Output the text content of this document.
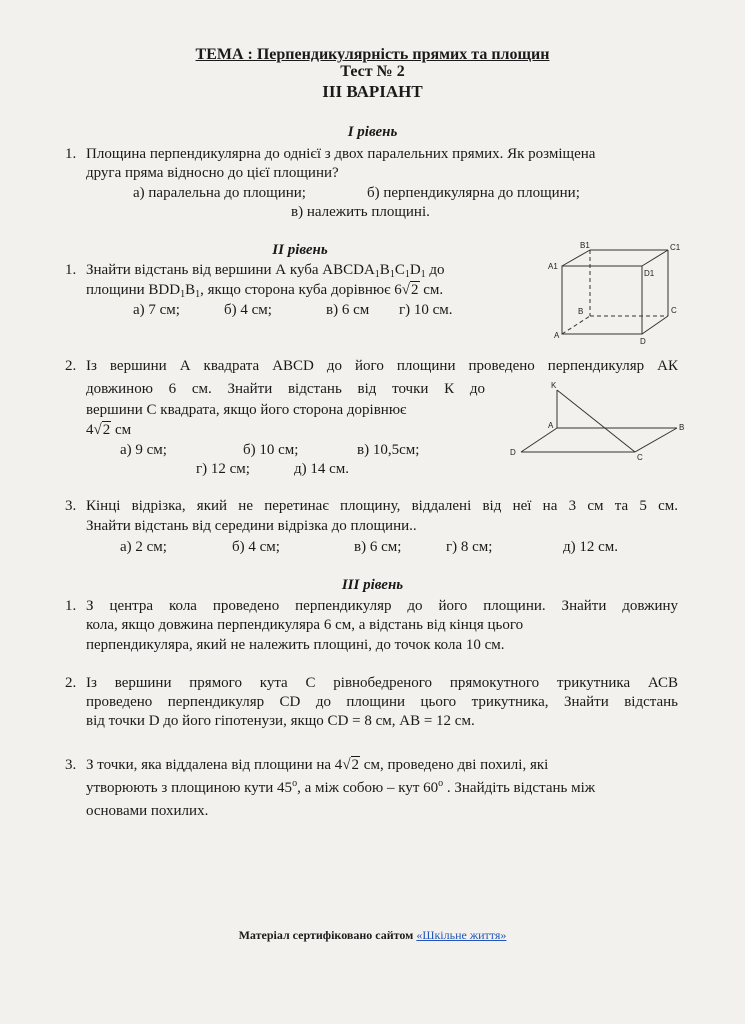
ТЕМА : Перпендикулярність прямих та площин
Тест № 2
ІІІ ВАРІАНТ
І рівень
1. Площина перпендикулярна до однієї з двох паралельних прямих. Як розміщена
друга пряма відносно до цієї площини?
а) паралельна до площини;	б) перпендикулярна до площини;
в) належить площині.
ІІ рівень
1. Знайти відстань від вершини А куба $ABCDA_1B_1C_1D_1$ до
площини $BDD_1B_1$, якщо сторона куба дорівнює 6√2 см.
а) 7 см;	б) 4 см;	в) 6 см г) 10 см.
B1	C1
A1
D1
B	C
A
D
2. Із вершини А квадрата ABCD до його площини проведено перпендикуляр АК
довжиною 6 см. Знайти відстань від точки К до
вершини С квадрата, якщо його сторона дорівнює
4√2 см
а) 9 см;	б) 10 см;	в) 10,5см;
г) 12 см;	д) 14 см.
K
A	B
D
C
3. Кінці відрізка, який не перетинає площину, віддалені від неї на 3 см та 5 см.
Знайти відстань від середини відрізка до площини..
а) 2 см;	б) 4 см;	в) 6 см;	г) 8 см;	д) 12 см.
ІІІ рівень
1. З центра кола проведено перпендикуляр до його площини. Знайти довжину
кола, якщо довжина перпендикуляра 6 см, а відстань від кінця цього
перпендикуляра, який не належить площині, до точок кола 10 см.
2. Із вершини прямого кута С рівнобедреного прямокутного трикутника АСВ
проведено перпендикуляр CD до площини цього трикутника, Знайти відстань
від точки D до його гіпотенузи, якщо CD = 8 см, АВ = 12 см.
3. З точки, яка віддалена від площини на 4√2 см, проведено дві похилі, які
утворюють з площиною кути $45^о$, а між собою – кут $60^о$ . Знайдіть відстань між
основами похилих.
Матеріал сертифіковано сайтом «Шкільне життя»
